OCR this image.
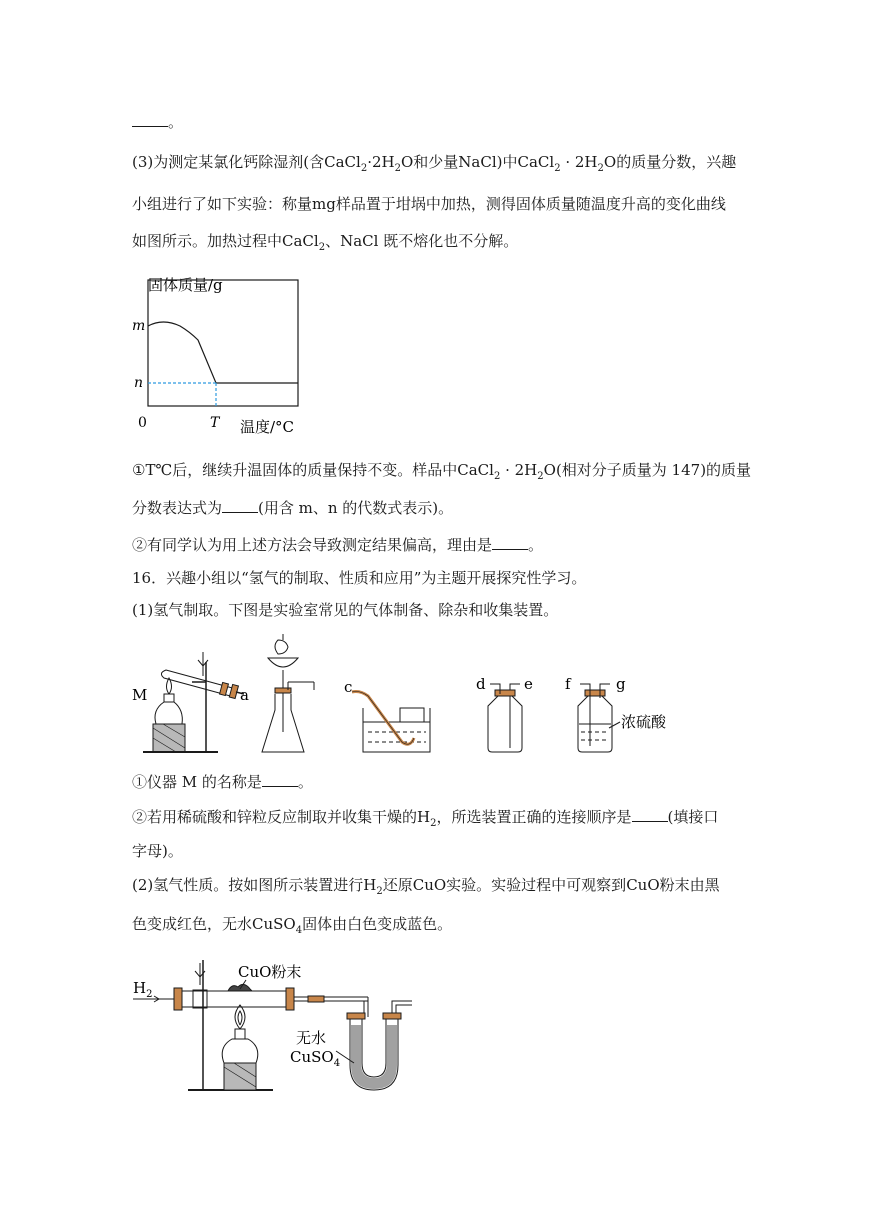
。
(3)为测定某氯化钙除湿剂(含$CaCl_2\cdot 2H_2O$和少量NaCl)中CaCl$_2$ · $2H_2O$的质量分数，兴趣
小组进行了如下实验：称量mg样品置于坩埚中加热，测得固体质量随温度升高的变化曲线
如图所示。加热过程中CaCl$_2$、NaCl 既不熔化也不分解。
固体质量/g
m
n
0	T 温度/°C
①T℃后，继续升温固体的质量保持不变。样品中CaCl$_2$ · $2H_2O$(相对分子质量为 147)的质量
分数表达式为 (用含 m、n 的代数式表示)。
②有同学认为用上述方法会导致测定结果偏高，理由是 。
16．兴趣小组以“氢气的制取、性质和应用”为主题开展探究性学习。
(1)氢气制取。下图是实验室常见的气体制备、除杂和收集装置。
M	a	c	d	e f	g
浓硫酸
①仪器 M 的名称是 。
②若用稀硫酸和锌粒反应制取并收集干燥的$H_2$，所选装置正确的连接顺序是 (填接口
字母)。
(2)氢气性质。按如图所示装置进行$H_2$还原CuO实验。实验过程中可观察到CuO粉末由黑
色变成红色，无水CuSO$_4$固体由白色变成蓝色。
$H_2$
CuO粉末
无水
CuSO$_4$
